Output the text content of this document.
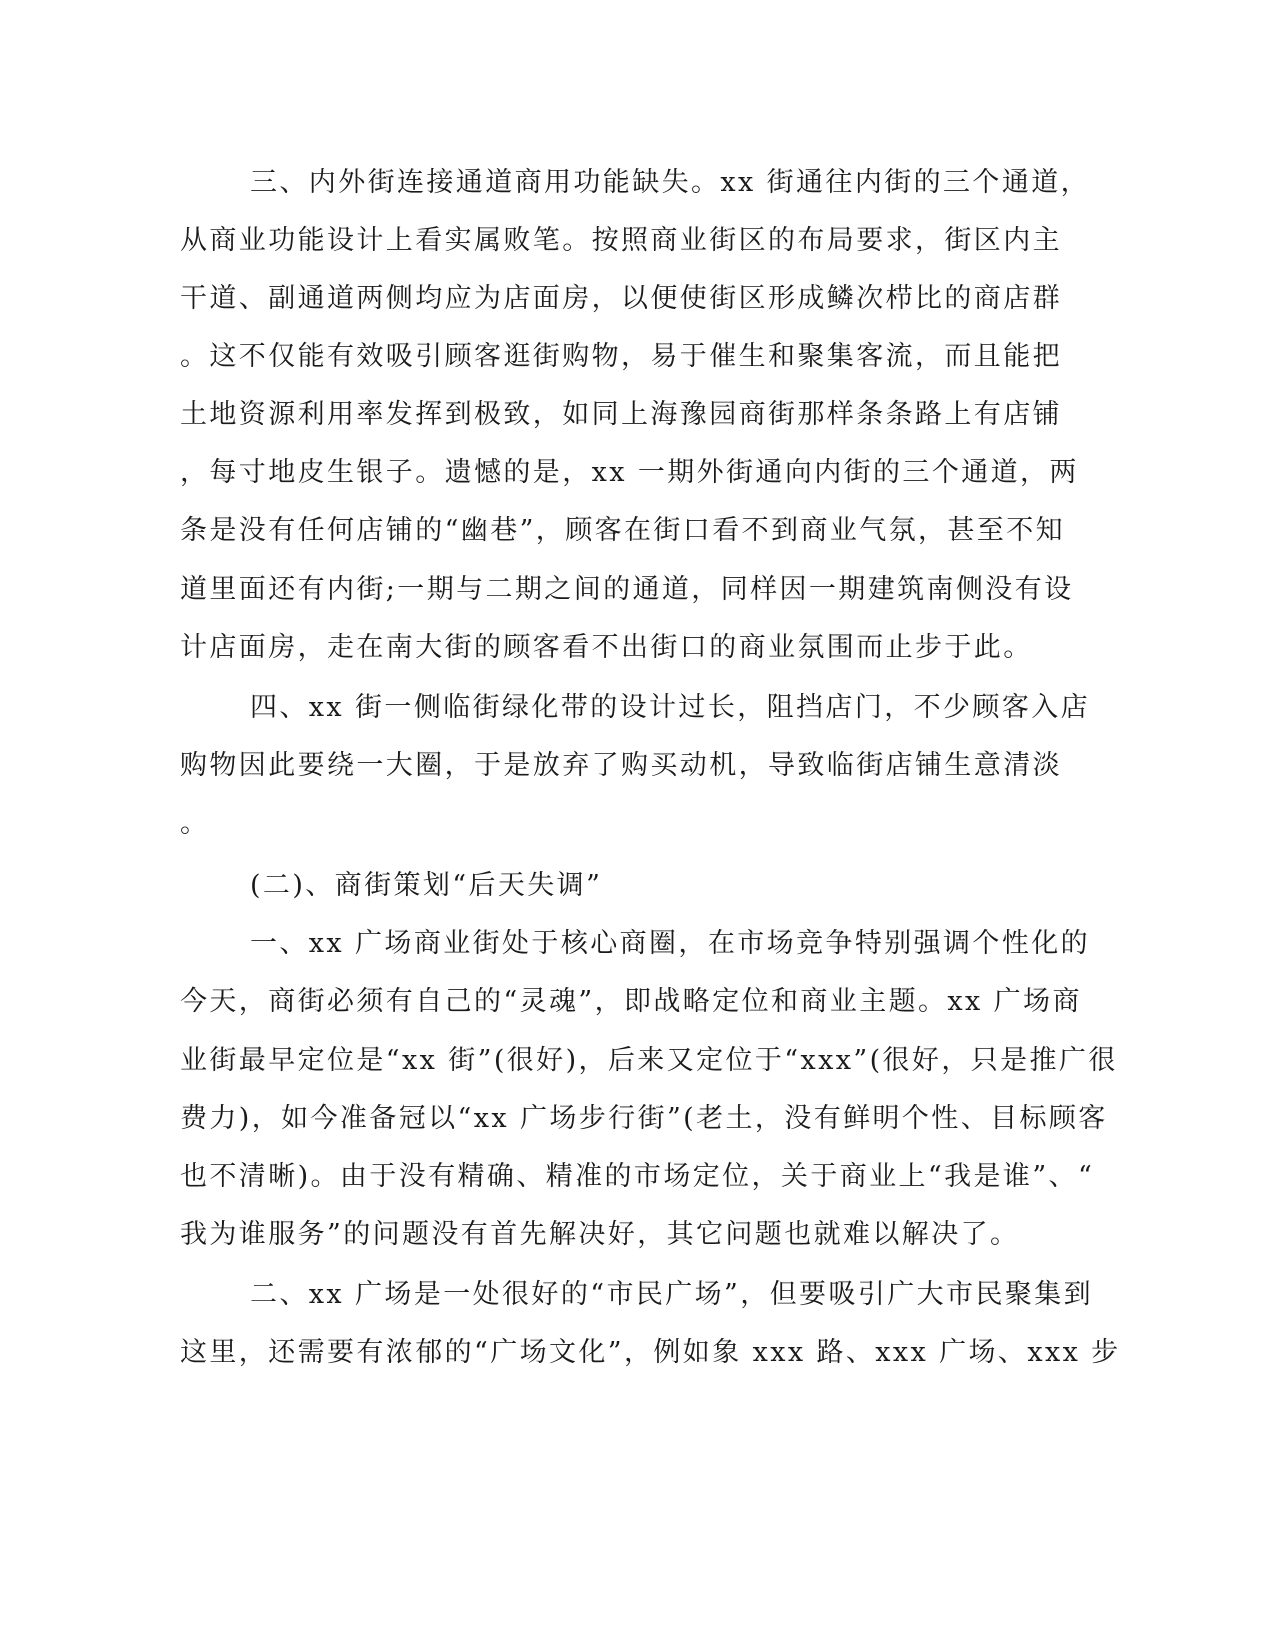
三、内外街连接通道商用功能缺失。xx 街通往内街的三个通道，
从商业功能设计上看实属败笔。按照商业街区的布局要求，街区内主
干道、副通道两侧均应为店面房，以便使街区形成鳞次栉比的商店群
。这不仅能有效吸引顾客逛街购物，易于催生和聚集客流，而且能把
土地资源利用率发挥到极致，如同上海豫园商街那样条条路上有店铺
，每寸地皮生银子。遗憾的是，xx 一期外街通向内街的三个通道，两
条是没有任何店铺的“幽巷”，顾客在街口看不到商业气氛，甚至不知
道里面还有内街;一期与二期之间的通道，同样因一期建筑南侧没有设
计店面房，走在南大街的顾客看不出街口的商业氛围而止步于此。
四、xx 街一侧临街绿化带的设计过长，阻挡店门，不少顾客入店
购物因此要绕一大圈，于是放弃了购买动机，导致临街店铺生意清淡
。
(二)、商街策划“后天失调”
一、xx 广场商业街处于核心商圈，在市场竞争特别强调个性化的
今天，商街必须有自己的“灵魂”，即战略定位和商业主题。xx 广场商
业街最早定位是“xx 街”(很好)，后来又定位于“xxx”(很好，只是推广很
费力)，如今准备冠以“xx 广场步行街”(老土，没有鲜明个性、目标顾客
也不清晰)。由于没有精确、精准的市场定位，关于商业上“我是谁”、“
我为谁服务”的问题没有首先解决好，其它问题也就难以解决了。
二、xx 广场是一处很好的“市民广场”，但要吸引广大市民聚集到
这里，还需要有浓郁的“广场文化”，例如象 xxx 路、xxx 广场、xxx 步
